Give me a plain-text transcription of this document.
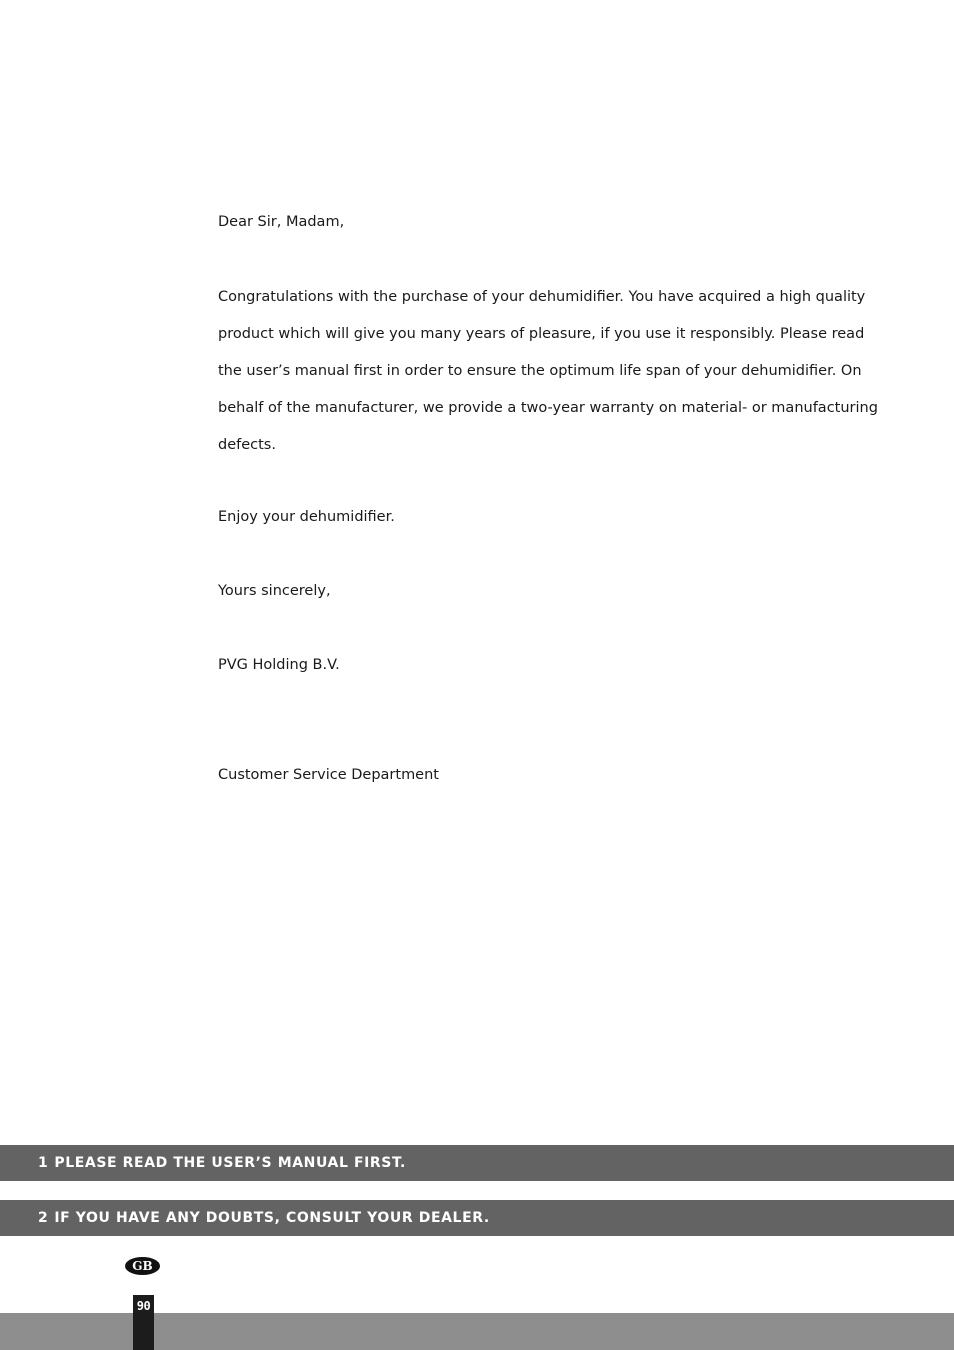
Dear Sir, Madam,

Congratulations with the purchase of your dehumidifier. You have acquired a high quality product which will give you many years of pleasure, if you use it responsibly. Please read the user’s manual first in order to ensure the optimum life span of your dehumidifier. On behalf of the manufacturer, we provide a two-year warranty on material- or manufacturing defects.

Enjoy your dehumidifier.

Yours sincerely,

PVG Holding B.V.

Customer Service Department

1 PLEASE READ THE USER’S MANUAL FIRST.
2 IF YOU HAVE ANY DOUBTS, CONSULT YOUR DEALER.
GB
90
